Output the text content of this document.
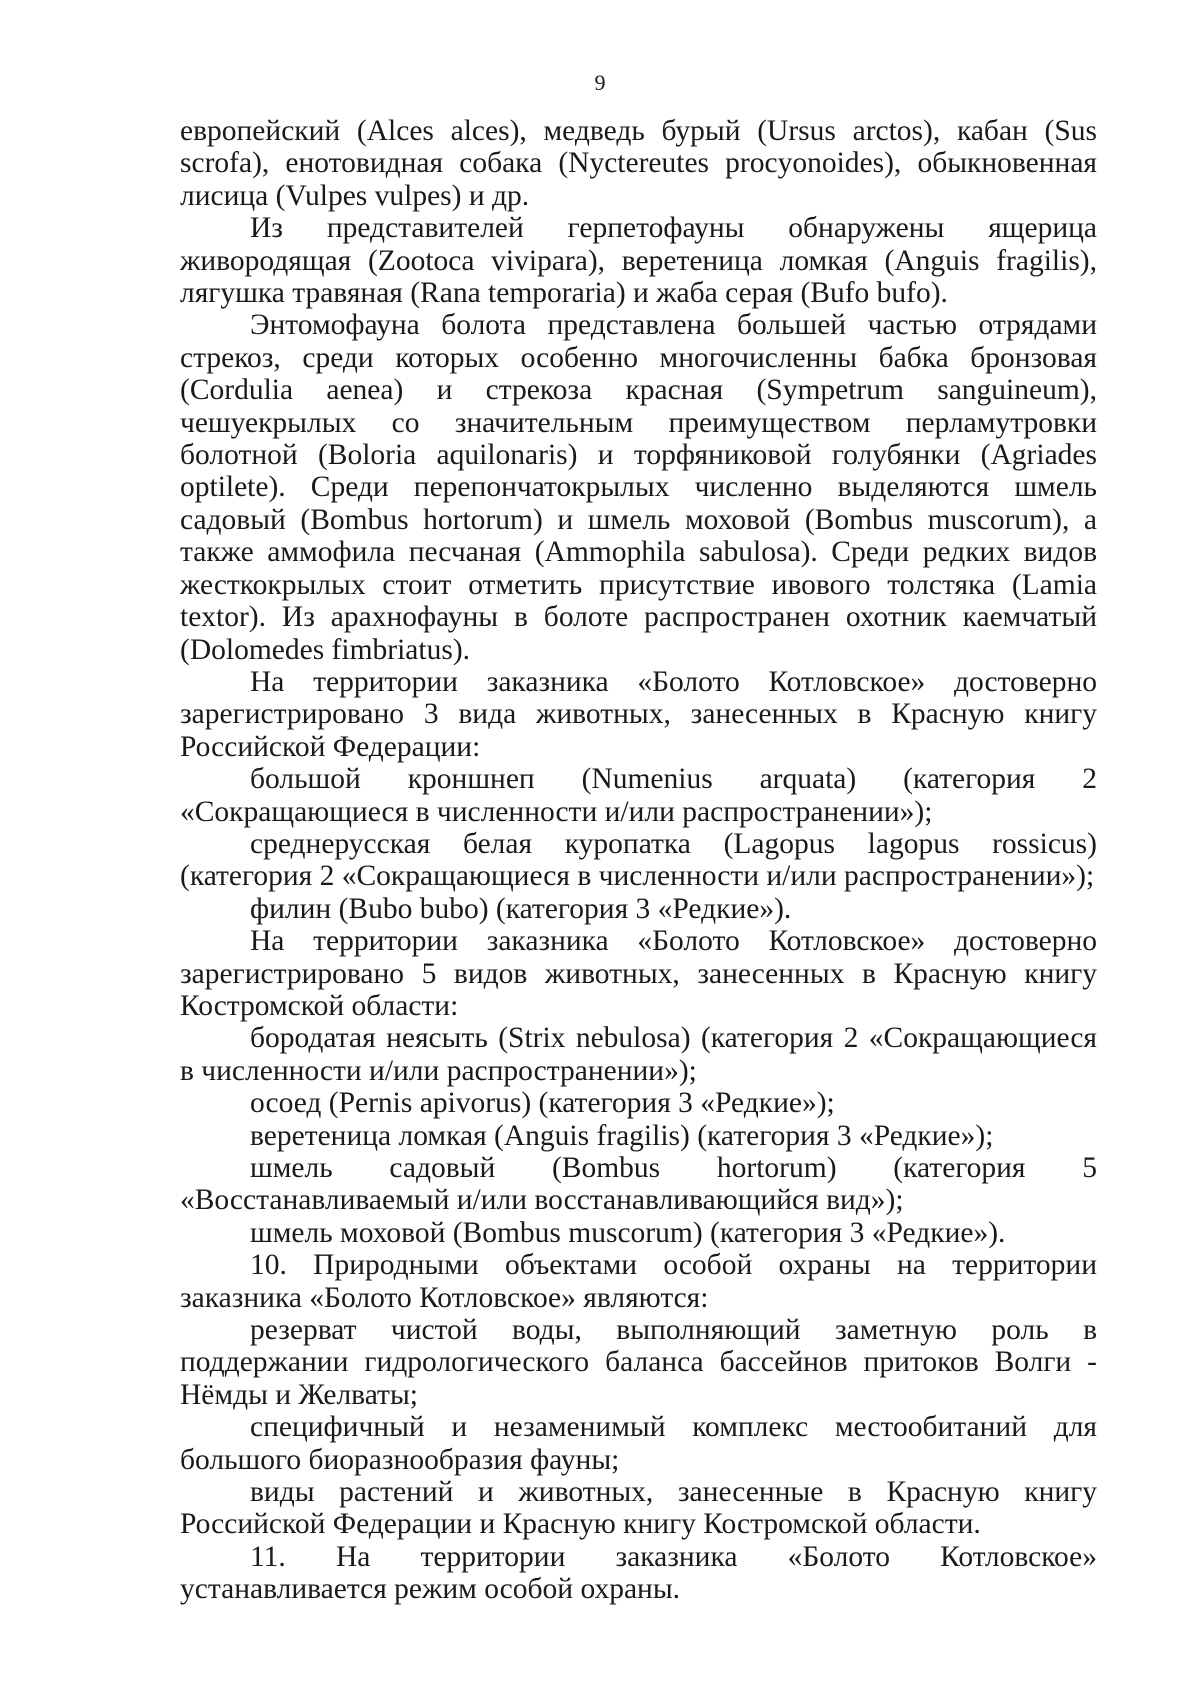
9

европейский (Alces alces), медведь бурый (Ursus arctos), кабан (Sus scrofa), енотовидная собака (Nyctereutes procyonoides), обыкновенная лисица (Vulpes vulpes) и др.

Из представителей герпетофауны обнаружены ящерица живородящая (Zootoca vivipara), веретеница ломкая (Anguis fragilis), лягушка травяная (Rana temporaria) и жаба серая (Bufo bufo).

Энтомофауна болота представлена большей частью отрядами стрекоз, среди которых особенно многочисленны бабка бронзовая (Cordulia aenea) и стрекоза красная (Sympetrum sanguineum), чешуекрылых со значительным преимуществом перламутровки болотной (Boloria aquilonaris) и торфяниковой голубянки (Agriades optilete). Среди перепончатокрылых численно выделяются шмель садовый (Bombus hortorum) и шмель моховой (Bombus muscorum), а также аммофила песчаная (Ammophila sabulosa). Среди редких видов жесткокрылых стоит отметить присутствие ивового толстяка (Lamia textor). Из арахнофауны в болоте распространен охотник каемчатый (Dolomedes fimbriatus).

На территории заказника «Болото Котловское» достоверно зарегистрировано 3 вида животных, занесенных в Красную книгу Российской Федерации:

большой кроншнеп (Numenius arquata) (категория 2 «Сокращающиеся в численности и/или распространении»);

среднерусская белая куропатка (Lagopus lagopus rossicus) (категория 2 «Сокращающиеся в численности и/или распространении»);

филин (Bubo bubo) (категория 3 «Редкие»).

На территории заказника «Болото Котловское» достоверно зарегистрировано 5 видов животных, занесенных в Красную книгу Костромской области:

бородатая неясыть (Strix nebulosa) (категория 2 «Сокращающиеся в численности и/или распространении»);

осоед (Pernis apivorus) (категория 3 «Редкие»);

веретеница ломкая (Anguis fragilis) (категория 3 «Редкие»);

шмель садовый (Bombus hortorum) (категория 5 «Восстанавливаемый и/или восстанавливающийся вид»);

шмель моховой (Bombus muscorum) (категория 3 «Редкие»).

10. Природными объектами особой охраны на территории заказника «Болото Котловское» являются:

резерват чистой воды, выполняющий заметную роль в поддержании гидрологического баланса бассейнов притоков Волги - Нёмды и Желваты;

специфичный и незаменимый комплекс местообитаний для большого биоразнообразия фауны;

виды растений и животных, занесенные в Красную книгу Российской Федерации и Красную книгу Костромской области.

11. На территории заказника «Болото Котловское» устанавливается режим особой охраны.
